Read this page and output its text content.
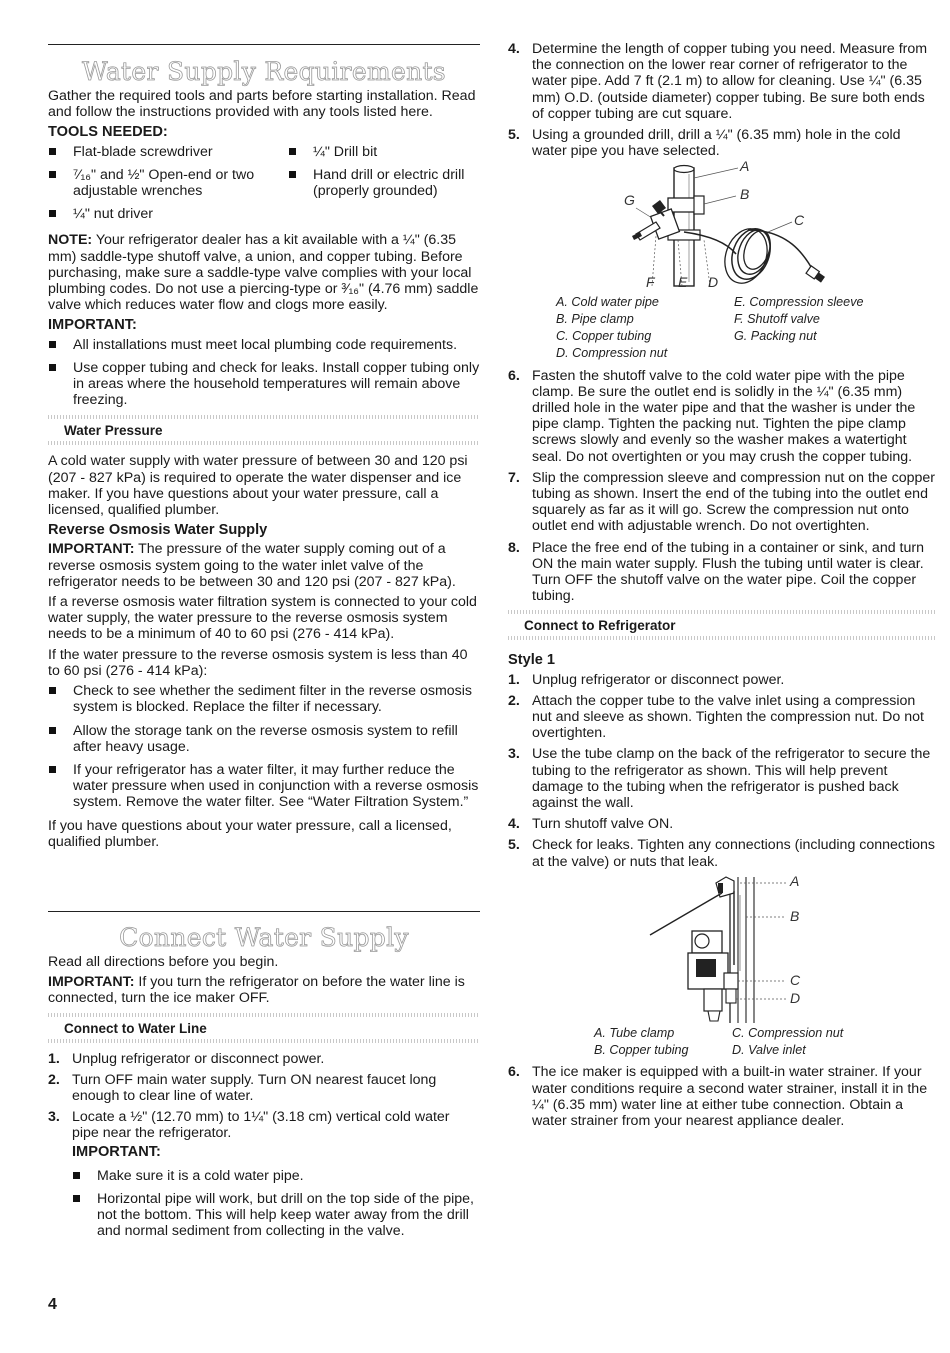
Water Supply Requirements

Gather the required tools and parts before starting installation. Read and follow the instructions provided with any tools listed here.

TOOLS NEEDED:
Flat-blade screwdriver	¼" Drill bit
⁷⁄₁₆" and ½" Open-end or two adjustable wrenches
Hand drill or electric drill (properly grounded)
¼" nut driver

NOTE: Your refrigerator dealer has a kit available with a ¼" (6.35 mm) saddle-type shutoff valve, a union, and copper tubing. Before purchasing, make sure a saddle-type valve complies with your local plumbing codes. Do not use a piercing-type or ³⁄₁₆" (4.76 mm) saddle valve which reduces water flow and clogs more easily.

IMPORTANT:
All installations must meet local plumbing code requirements.
Use copper tubing and check for leaks. Install copper tubing only in areas where the household temperatures will remain above freezing.
Water Pressure

A cold water supply with water pressure of between 30 and 120 psi (207 - 827 kPa) is required to operate the water dispenser and ice maker. If you have questions about your water pressure, call a licensed, qualified plumber.

Reverse Osmosis Water Supply

IMPORTANT: The pressure of the water supply coming out of a reverse osmosis system going to the water inlet valve of the refrigerator needs to be between 30 and 120 psi (207 - 827 kPa).

If a reverse osmosis water filtration system is connected to your cold water supply, the water pressure to the reverse osmosis system needs to be a minimum of 40 to 60 psi (276 - 414 kPa).

If the water pressure to the reverse osmosis system is less than 40 to 60 psi (276 - 414 kPa):

Check to see whether the sediment filter in the reverse osmosis system is blocked. Replace the filter if necessary.
Allow the storage tank on the reverse osmosis system to refill after heavy usage.
If your refrigerator has a water filter, it may further reduce the water pressure when used in conjunction with a reverse osmosis system. Remove the water filter. See “Water Filtration System.”

If you have questions about your water pressure, call a licensed, qualified plumber.

Connect Water Supply

Read all directions before you begin.

IMPORTANT: If you turn the refrigerator on before the water line is connected, turn the ice maker OFF.

Connect to Water Line
1. Unplug refrigerator or disconnect power.
2. Turn OFF main water supply. Turn ON nearest faucet long enough to clear line of water.
3. Locate a ½" (12.70 mm) to 1¼" (3.18 cm) vertical cold water pipe near the refrigerator.
IMPORTANT:
Make sure it is a cold water pipe.
Horizontal pipe will work, but drill on the top side of the pipe, not the bottom. This will help keep water away from the drill and normal sediment from collecting in the valve.
4
4. Determine the length of copper tubing you need. Measure from the connection on the lower rear corner of refrigerator to the water pipe. Add 7 ft (2.1 m) to allow for cleaning. Use ¼" (6.35 mm) O.D. (outside diameter) copper tubing. Be sure both ends of copper tubing are cut square.
5. Using a grounded drill, drill a ¼" (6.35 mm) hole in the cold water pipe you have selected.
A
B
C
G
F E D
A. Cold water pipe
B. Pipe clamp
C. Copper tubing
D. Compression nut
E. Compression sleeve
F. Shutoff valve
G. Packing nut
6. Fasten the shutoff valve to the cold water pipe with the pipe clamp. Be sure the outlet end is solidly in the ¼" (6.35 mm) drilled hole in the water pipe and that the washer is under the pipe clamp. Tighten the packing nut. Tighten the pipe clamp screws slowly and evenly so the washer makes a watertight seal. Do not overtighten or you may crush the copper tubing.
7. Slip the compression sleeve and compression nut on the copper tubing as shown. Insert the end of the tubing into the outlet end squarely as far as it will go. Screw the compression nut onto outlet end with adjustable wrench. Do not overtighten.
8. Place the free end of the tubing in a container or sink, and turn ON the main water supply. Flush the tubing until water is clear. Turn OFF the shutoff valve on the water pipe. Coil the copper tubing.
Connect to Refrigerator
Style 1
1. Unplug refrigerator or disconnect power.
2. Attach the copper tube to the valve inlet using a compression nut and sleeve as shown. Tighten the compression nut. Do not overtighten.
3. Use the tube clamp on the back of the refrigerator to secure the tubing to the refrigerator as shown. This will help prevent damage to the tubing when the refrigerator is pushed back against the wall.
4. Turn shutoff valve ON.
5. Check for leaks. Tighten any connections (including connections at the valve) or nuts that leak.
A
B
C
D
A. Tube clamp
B. Copper tubing
C. Compression nut
D. Valve inlet
6. The ice maker is equipped with a built-in water strainer. If your water conditions require a second water strainer, install it in the ¼" (6.35 mm) water line at either tube connection. Obtain a water strainer from your nearest appliance dealer.
